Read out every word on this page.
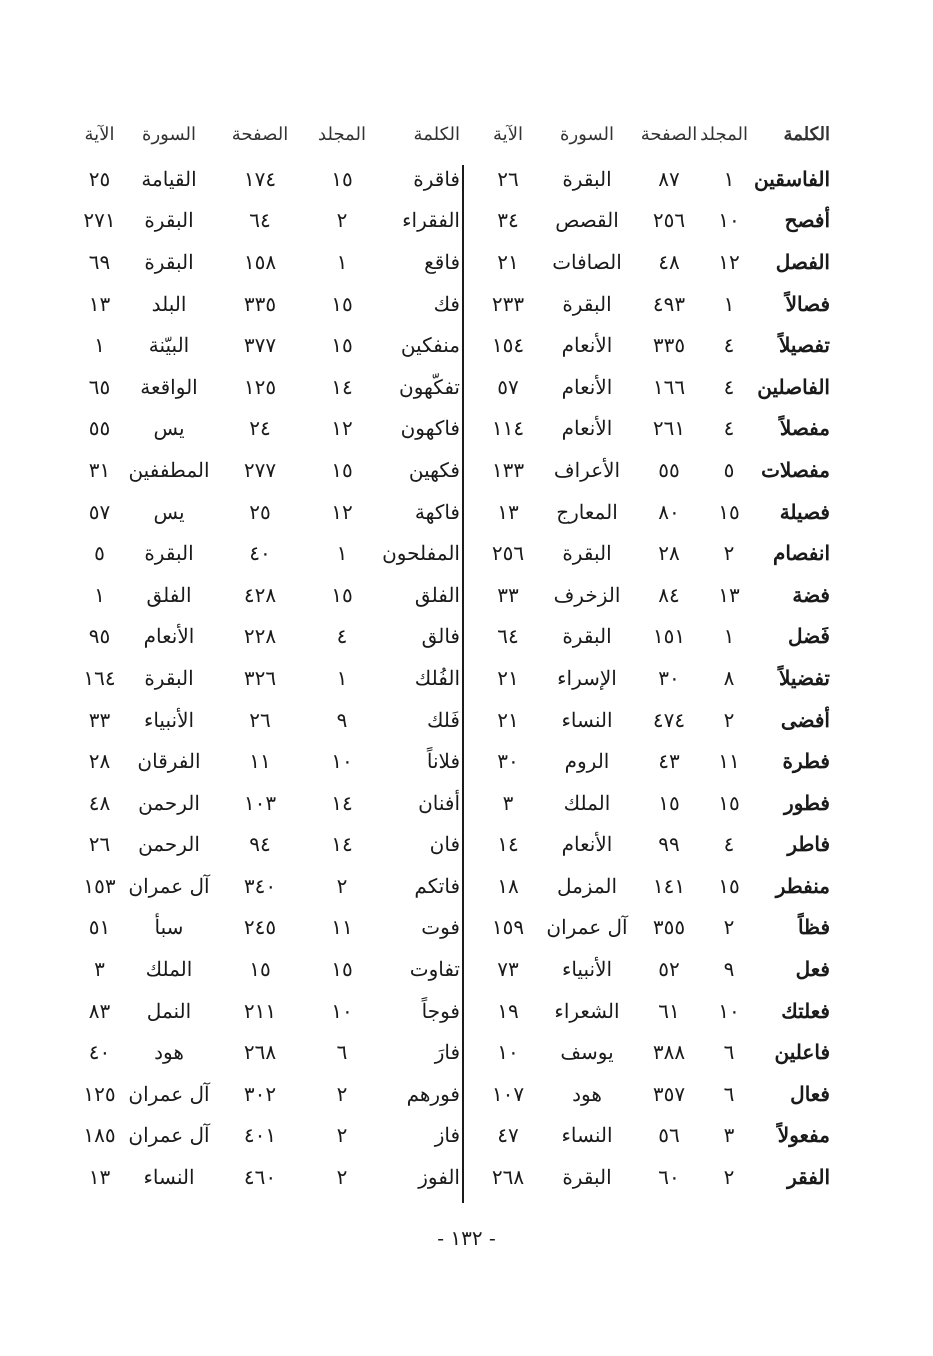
الكلمة
المجلد
الصفحة
السورة
الآية
الفاسقين
١
٨٧
البقرة
٢٦
أفصح
١٠
٢٥٦
القصص
٣٤
الفصل
١٢
٤٨
الصافات
٢١
فصالاً
١
٤٩٣
البقرة
٢٣٣
تفصيلاً
٤
٣٣٥
الأنعام
١٥٤
الفاصلين
٤
١٦٦
الأنعام
٥٧
مفصلاً
٤
٢٦١
الأنعام
١١٤
مفصلات
٥
٥٥
الأعراف
١٣٣
فصيلة
١٥
٨٠
المعارج
١٣
انفصام
٢
٢٨
البقرة
٢٥٦
فضة
١٣
٨٤
الزخرف
٣٣
فَضل
١
١٥١
البقرة
٦٤
تفضيلاً
٨
٣٠
الإسراء
٢١
أفضى
٢
٤٧٤
النساء
٢١
فطرة
١١
٤٣
الروم
٣٠
فطور
١٥
١٥
الملك
٣
فاطر
٤
٩٩
الأنعام
١٤
منفطر
١٥
١٤١
المزمل
١٨
فظاً
٢
٣٥٥
آل عمران
١٥٩
فعل
٩
٥٢
الأنبياء
٧٣
فعلتك
١٠
٦١
الشعراء
١٩
فاعلين
٦
٣٨٨
يوسف
١٠
فعال
٦
٣٥٧
هود
١٠٧
مفعولاً
٣
٥٦
النساء
٤٧
الفقر
٢
٦٠
البقرة
٢٦٨
الكلمة
المجلد
الصفحة
السورة
الآية
فاقرة
١٥
١٧٤
القيامة
٢٥
الفقراء
٢
٦٤
البقرة
٢٧١
فاقع
١
١٥٨
البقرة
٦٩
فك
١٥
٣٣٥
البلد
١٣
منفكين
١٥
٣٧٧
البيّنة
١
تفكّهون
١٤
١٢٥
الواقعة
٦٥
فاكهون
١٢
٢٤
يس
٥٥
فكهين
١٥
٢٧٧
المطففين
٣١
فاكهة
١٢
٢٥
يس
٥٧
المفلحون
١
٤٠
البقرة
٥
الفلق
١٥
٤٢٨
الفلق
١
فالق
٤
٢٢٨
الأنعام
٩٥
الفُلك
١
٣٢٦
البقرة
١٦٤
فَلك
٩
٢٦
الأنبياء
٣٣
فلاناً
١٠
١١
الفرقان
٢٨
أفنان
١٤
١٠٣
الرحمن
٤٨
فان
١٤
٩٤
الرحمن
٢٦
فاتكم
٢
٣٤٠
آل عمران
١٥٣
فوت
١١
٢٤٥
سبأ
٥١
تفاوت
١٥
١٥
الملك
٣
فوجاً
١٠
٢١١
النمل
٨٣
فارَ
٦
٢٦٨
هود
٤٠
فورهم
٢
٣٠٢
آل عمران
١٢٥
فاز
٢
٤٠١
آل عمران
١٨٥
الفوز
٢
٤٦٠
النساء
١٣
- ١٣٢ -
